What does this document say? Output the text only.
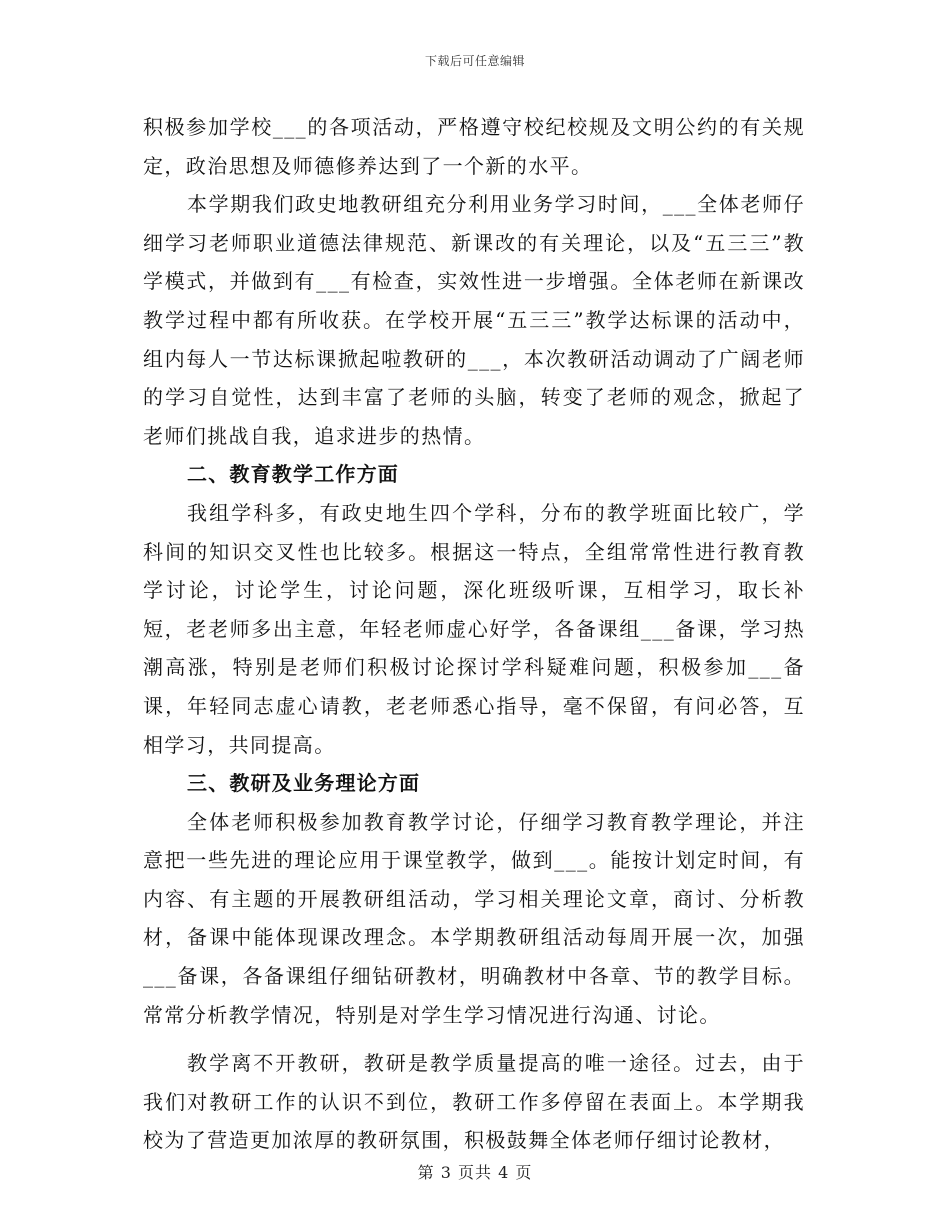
下载后可任意编辑

积极参加学校___的各项活动，严格遵守校纪校规及文明公约的有关规定，政治思想及师德修养达到了一个新的水平。

本学期我们政史地教研组充分利用业务学习时间，___全体老师仔细学习老师职业道德法律规范、新课改的有关理论，以及“五三三”教学模式，并做到有___有检查，实效性进一步增强。全体老师在新课改教学过程中都有所收获。在学校开展“五三三”教学达标课的活动中，组内每人一节达标课掀起啦教研的___，本次教研活动调动了广阔老师的学习自觉性，达到丰富了老师的头脑，转变了老师的观念，掀起了老师们挑战自我，追求进步的热情。

二、教育教学工作方面

我组学科多，有政史地生四个学科，分布的教学班面比较广，学科间的知识交叉性也比较多。根据这一特点，全组常常性进行教育教学讨论，讨论学生，讨论问题，深化班级听课，互相学习，取长补短，老老师多出主意，年轻老师虚心好学，各备课组___备课，学习热潮高涨，特别是老师们积极讨论探讨学科疑难问题，积极参加___备课，年轻同志虚心请教，老老师悉心指导，毫不保留，有问必答，互相学习，共同提高。

三、教研及业务理论方面

全体老师积极参加教育教学讨论，仔细学习教育教学理论，并注意把一些先进的理论应用于课堂教学，做到___。能按计划定时间，有内容、有主题的开展教研组活动，学习相关理论文章，商讨、分析教材，备课中能体现课改理念。本学期教研组活动每周开展一次，加强___备课，各备课组仔细钻研教材，明确教材中各章、节的教学目标。常常分析教学情况，特别是对学生学习情况进行沟通、讨论。

教学离不开教研，教研是教学质量提高的唯一途径。过去，由于我们对教研工作的认识不到位，教研工作多停留在表面上。本学期我校为了营造更加浓厚的教研氛围，积极鼓舞全体老师仔细讨论教材，

第 3 页共 4 页
